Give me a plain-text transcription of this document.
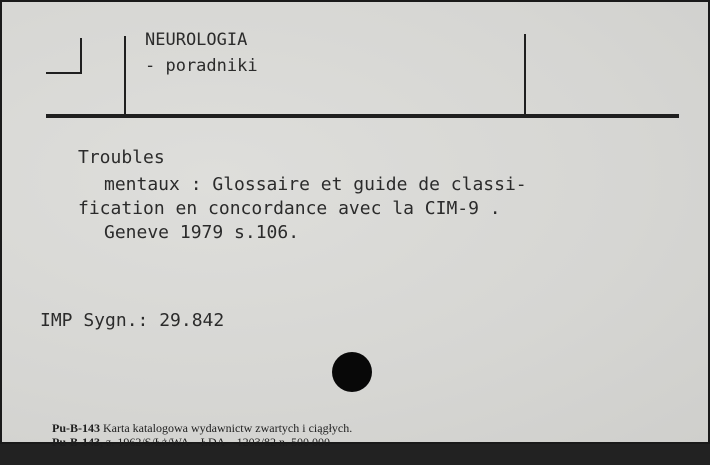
NEUROLOGIA
- poradniki
Troubles
mentaux : Glossaire et guide de classi-
fication en concordance avec la CIM-9 .
Geneve 1979 s.106.
IMP Sygn.: 29.842

Pu-B-143 Karta katalogowa wydawnictw zwartych i ciągłych.

Pu-B-143, z. 1962/S/Łż/WA – ŁDA – 1203/82 n. 500 000
